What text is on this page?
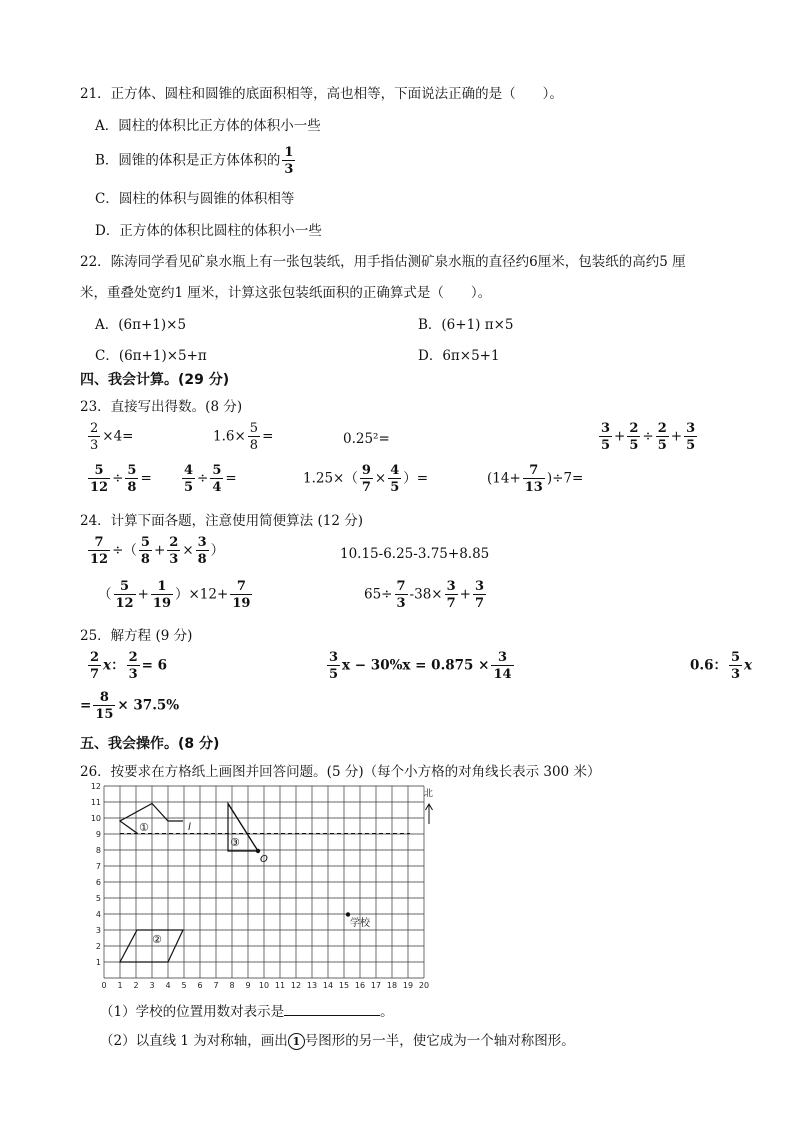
21．正方体、圆柱和圆锥的底面积相等，高也相等，下面说法正确的是（　　）。
A．圆柱的体积比正方体的体积小一些
B．圆锥的体积是正方体体积的 $\frac{1}{3}$
C．圆柱的体积与圆锥的体积相等
D．正方体的体积比圆柱的体积小一些
22．陈涛同学看见矿泉水瓶上有一张包装纸，用手指估测矿泉水瓶的直径约6厘米，包装纸的高约5 厘
米，重叠处宽约1 厘米，计算这张包装纸面积的正确算式是（　　）。
A．(6π+1)×5	B．(6+1) π×5
C．(6π+1)×5+π	D．6π×5+1
四、我会计算。(29 分)
23．直接写出得数。(8 分)
$\frac{2}{3} \times 4=$	$1.6\times \frac{5}{8}$ =	0.25²=	$\frac{3}{5} + \frac{2}{5} \div \frac{2}{5} + \frac{3}{5}$
$\frac{5}{12} \div \frac{5}{8} = \frac{4}{5} \div \frac{5}{4}$ =	$1.25\times( \frac{9}{7} \times \frac{4}{5}$ ）=	$(14+ \frac{7}{13} )\div 7=$
24．计算下面各题，注意使用简便算法 (12 分)
$\frac{7}{12}$ ÷（ $\frac{5}{8} + \frac{2}{3} \times \frac{3}{8}$ ）	10.15-6.25-3.75+8.85
（ $\frac{5}{12} + \frac{1}{19} )\times 12+ \frac{7}{19}$	$65\div \frac{7}{3} -38\times \frac{3}{7} + \frac{3}{7}$
25．解方程 (9 分)
$\frac{2}{7}$ x： $\frac{2}{3} = 6$	$\frac{3}{5}$ $x - 30\%x = 0.875 \times \frac{3}{14}$	0.6： $\frac{5}{3}$ x
= $\frac{8}{15} \times 37.5\%$
五、我会操作。(8 分)
26．按要求在方格纸上画图并回答问题。(5 分)（每个小方格的对角线长表示 300 米）
0 1 2 3 4 5 6 7 8 9 10 11 12 13 14 15 16 17 18 19 20
1
2
3
4
5
6
7
8
9
10
11
12
l
①
③
O
②
学校
北
（1）学校的位置用数对表示是	。
（2）以直线 1 为对称轴，画出 1 号图形的另一半，使它成为一个轴对称图形。
